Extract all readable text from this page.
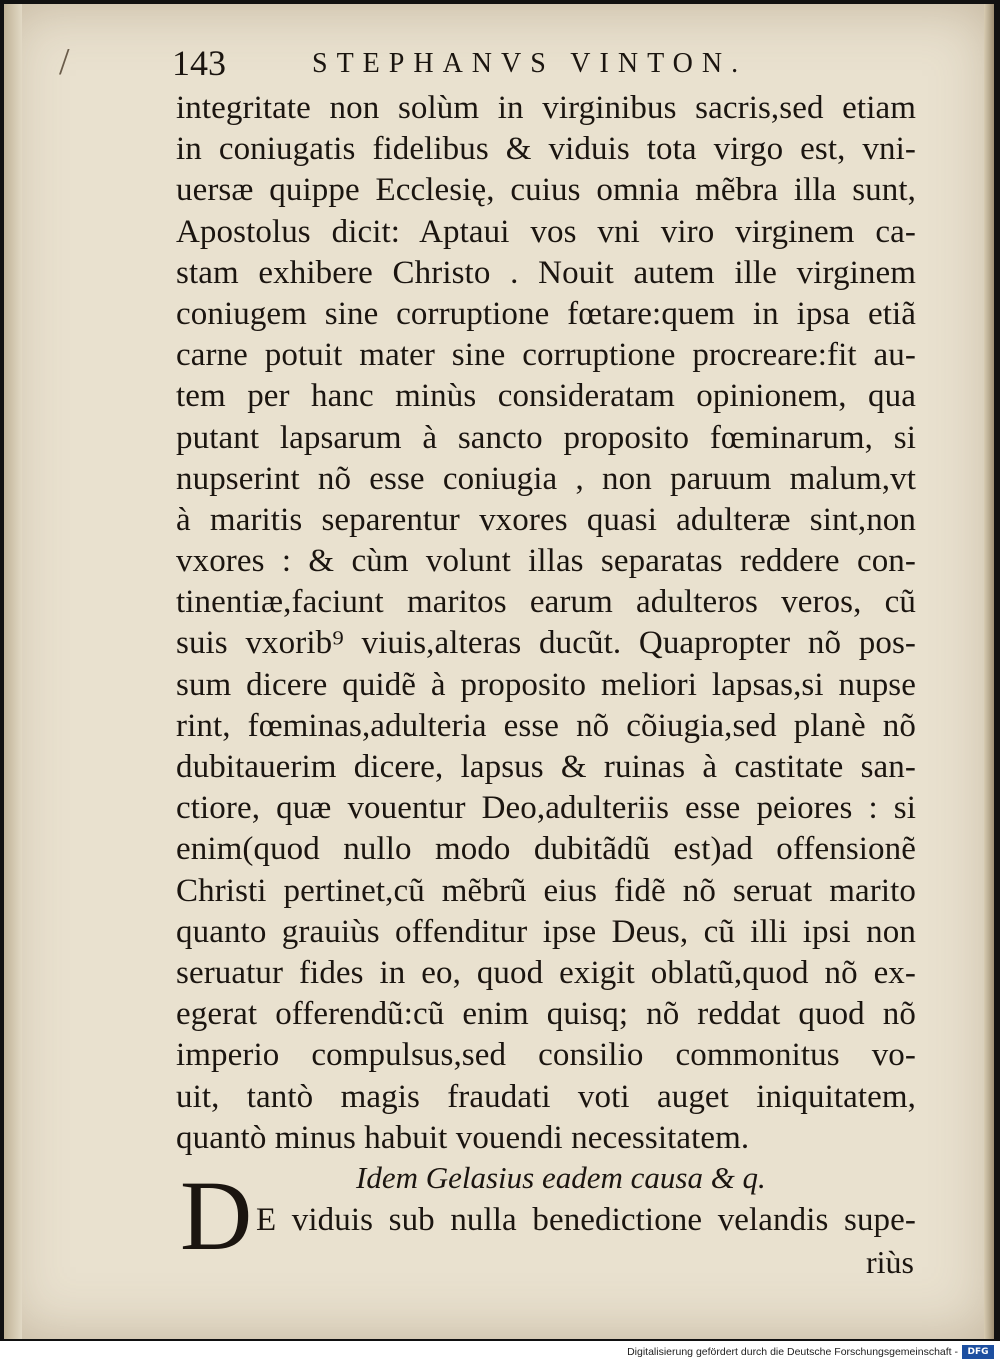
/	143	STEPHANVS VINTON.
integritate non solùm in virginibus sacris,sed etiam
in coniugatis fidelibus & viduis tota virgo est, vni-
uersæ quippe Ecclesię, cuius omnia mẽbra illa sunt,
Apostolus dicit: Aptaui vos vni viro virginem ca-
stam exhibere Christo . Nouit autem ille virginem
coniugem sine corruptione fœtare:quem in ipsa etiã
carne potuit mater sine corruptione procreare:fit au-
tem per hanc minùs consideratam opinionem, qua
putant lapsarum à sancto proposito fœminarum, si
nupserint nõ esse coniugia , non paruum malum,vt
à maritis separentur vxores quasi adulteræ sint,non
vxores : & cùm volunt illas separatas reddere con-
tinentiæ,faciunt maritos earum adulteros veros, cũ
suis vxorib⁹ viuis,alteras ducũt. Quapropter nõ pos-
sum dicere quidẽ à proposito meliori lapsas,si nupse
rint, fœminas,adulteria esse nõ cõiugia,sed planè nõ
dubitauerim dicere, lapsus & ruinas à castitate san-
ctiore, quæ vouentur Deo,adulteriis esse peiores : si
enim(quod nullo modo dubitãdũ est)ad offensionẽ
Christi pertinet,cũ mẽbrũ eius fidẽ nõ seruat marito
quanto grauiùs offenditur ipse Deus, cũ illi ipsi non
seruatur fides in eo, quod exigit oblatũ,quod nõ ex-
egerat offerendũ:cũ enim quisq; nõ reddat quod nõ
imperio compulsus,sed consilio commonitus vo-
uit, tantò magis fraudati voti auget iniquitatem,
quantò minus habuit vouendi necessitatem.
Idem Gelasius eadem causa & q.
D E viduis sub nulla benedictione velandis supe-
riùs
Digitalisierung gefördert durch die Deutsche Forschungsgemeinschaft -	DFG
